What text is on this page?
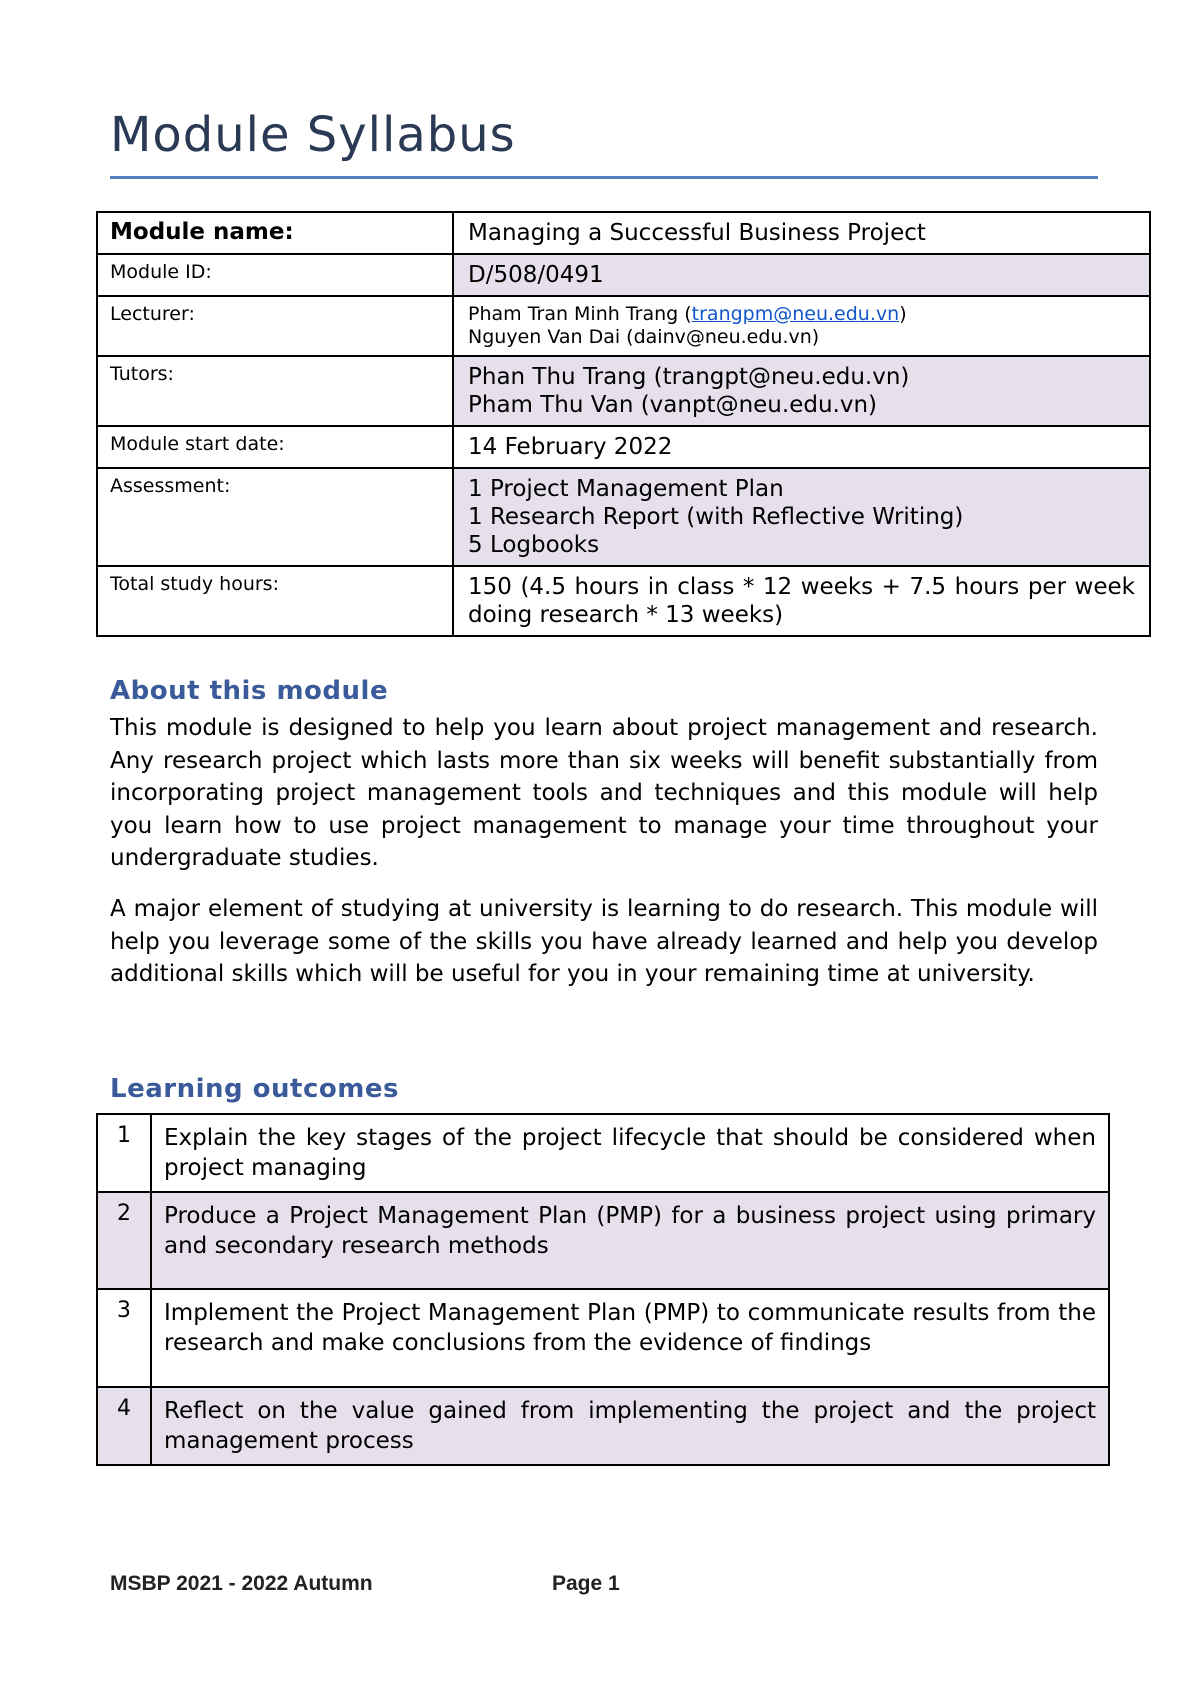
Module Syllabus
Module name:	Managing a Successful Business Project
Module ID:	D/508/0491
Lecturer:	Pham Tran Minh Trang (trangpm@neu.edu.vn)
Nguyen Van Dai (dainv@neu.edu.vn)

Tutors:	Phan Thu Trang (trangpt@neu.edu.vn)
Pham Thu Van (vanpt@neu.edu.vn)

Module start date:	14 February 2022
Assessment:	1 Project Management Plan
1 Research Report (with Reflective Writing)
5 Logbooks

Total study hours:	150 (4.5 hours in class * 12 weeks + 7.5 hours per week doing research * 13 weeks)
About this module

This module is designed to help you learn about project management and research. Any research project which lasts more than six weeks will benefit substantially from incorporating project management tools and techniques and this module will help you learn how to use project management to manage your time throughout your undergraduate studies.

A major element of studying at university is learning to do research. This module will help you leverage some of the skills you have already learned and help you develop additional skills which will be useful for you in your remaining time at university.

Learning outcomes
1	Explain the key stages of the project lifecycle that should be considered when project managing
2	Produce a Project Management Plan (PMP) for a business project using primary and secondary research methods
3	Implement the Project Management Plan (PMP) to communicate results from the research and make conclusions from the evidence of findings
4	Reflect on the value gained from implementing the project and the project management process

MSBP 2021 - 2022 Autumn	Page 1
